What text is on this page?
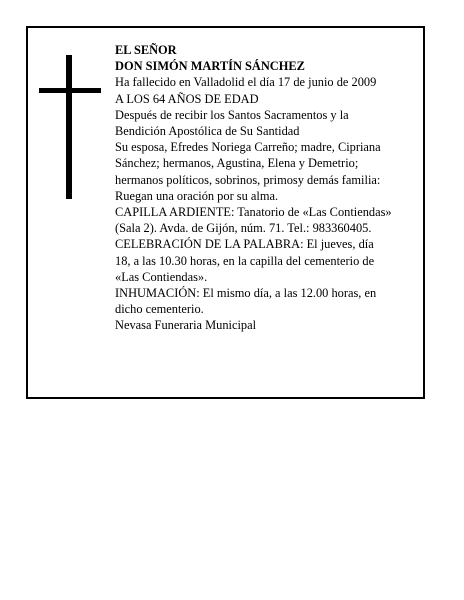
EL SEÑOR

DON SIMÓN MARTÍN SÁNCHEZ

Ha fallecido en Valladolid el día 17 de junio de 2009

A LOS 64 AÑOS DE EDAD

Después de recibir los Santos Sacramentos y la

Bendición Apostólica de Su Santidad

Su esposa, Efredes Noriega Carreño; madre, Cipriana

Sánchez; hermanos, Agustina, Elena y Demetrio;

hermanos políticos, sobrinos, primosy demás familia:

Ruegan una oración por su alma.

CAPILLA ARDIENTE: Tanatorio de «Las Contiendas»

(Sala 2). Avda. de Gijón, núm. 71. Tel.: 983360405.

CELEBRACIÓN DE LA PALABRA: El jueves, día

18, a las 10.30 horas, en la capilla del cementerio de

«Las Contiendas».

INHUMACIÓN: El mismo día, a las 12.00 horas, en

dicho cementerio.

Nevasa Funeraria Municipal
